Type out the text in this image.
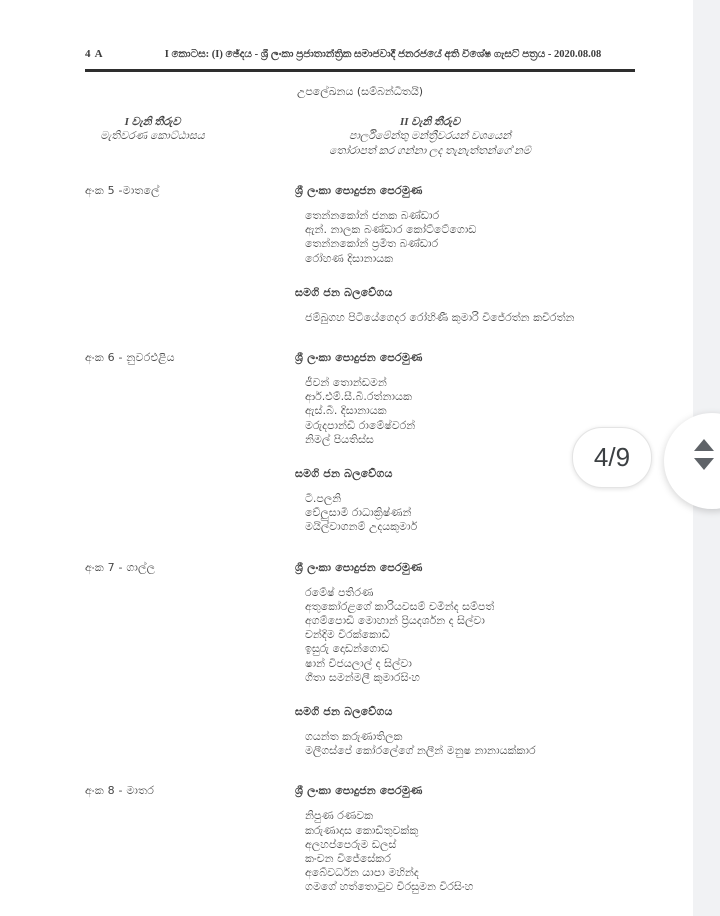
4 A	I කොටස: (I) ඡේදය - ශ්‍රී ලංකා ප්‍රජාතාන්ත්‍රික සමාජවාදී ජනරජයේ අති විශේෂ ගැසට් පත්‍රය - 2020.08.08
උපලේඛනය (සම්බන්ධිතයි)
I වැනි තීරුව
මැතිවරණ කොට්ඨාසය
II වැනි තීරුව
පාර්ලිමේන්තු මන්ත්‍රීවරයන් වශයෙන්
තෝරාපත් කර ගන්නා ලද තැනැත්තන්ගේ නම්
අංක 5 -මාතලේ	ශ්‍රී ලංකා පොදුජන පෙරමුණ
තෙන්නකෝන් ජනක බණ්ඩාර
ඇන්. නාලක බණ්ඩාර කෝට්ටේගොඩ
තෙන්නකෝන් ප්‍රමිත බණ්ඩාර
රෝහණ දිසානායක
සමගි ජන බලවේගය
ජම්බුගහ පිටියේගෙදර රෝහිණී කුමාරි විජේරත්න කවිරත්න
අංක 6 - නුවරඑළිය	ශ්‍රී ලංකා පොදුජන පෙරමුණ
ජීවන් තොන්ඩමන්
ආර්.එම්.සී.බී.රත්නායක
ඇස්.බී. දිසානායක
මරුදපාන්ඩි රාමේෂ්වරන්
නිමල් පියතිස්ස
සමගි ජන බලවේගය
ටී.පලනි
වේලුසාමි රාධාක්‍රිෂ්ණන්
මයිල්වාගනම් උදයකුමාර්
අංක 7 - ගාල්ල	ශ්‍රී ලංකා පොදුජන පෙරමුණ
රමේෂ් පතිරණ
අතුකෝරළගේ කාරියවසම් චමින්ද සම්පත්
අගම්පොඩි මොහාන් ප්‍රියදර්ශන ද සිල්වා
චන්දිම වීරක්කොඩි
ඉසුරු දොඩන්ගොඩ
ෂාන් විජයලාල් ද සිල්වා
ගීතා සමන්මලී කුමාරසිංහ
සමගි ජන බලවේගය
ගයන්ත කරුණාතිලක
මලීගස්පේ කෝරලේගේ නලීන් මනුෂ නානායක්කාර
අංක 8 - මාතර	ශ්‍රී ලංකා පොදුජන පෙරමුණ
නිපුණ රණවක
කරුණාදාස කොඩිතුවක්කු
අලහප්පෙරුම ඩලස්
කංචන විජේසේකර
අබේවර්ධන යාපා මහින්ද
ගමගේ හත්තොටුව වීරසුමන වීරසිංහ
4/9
